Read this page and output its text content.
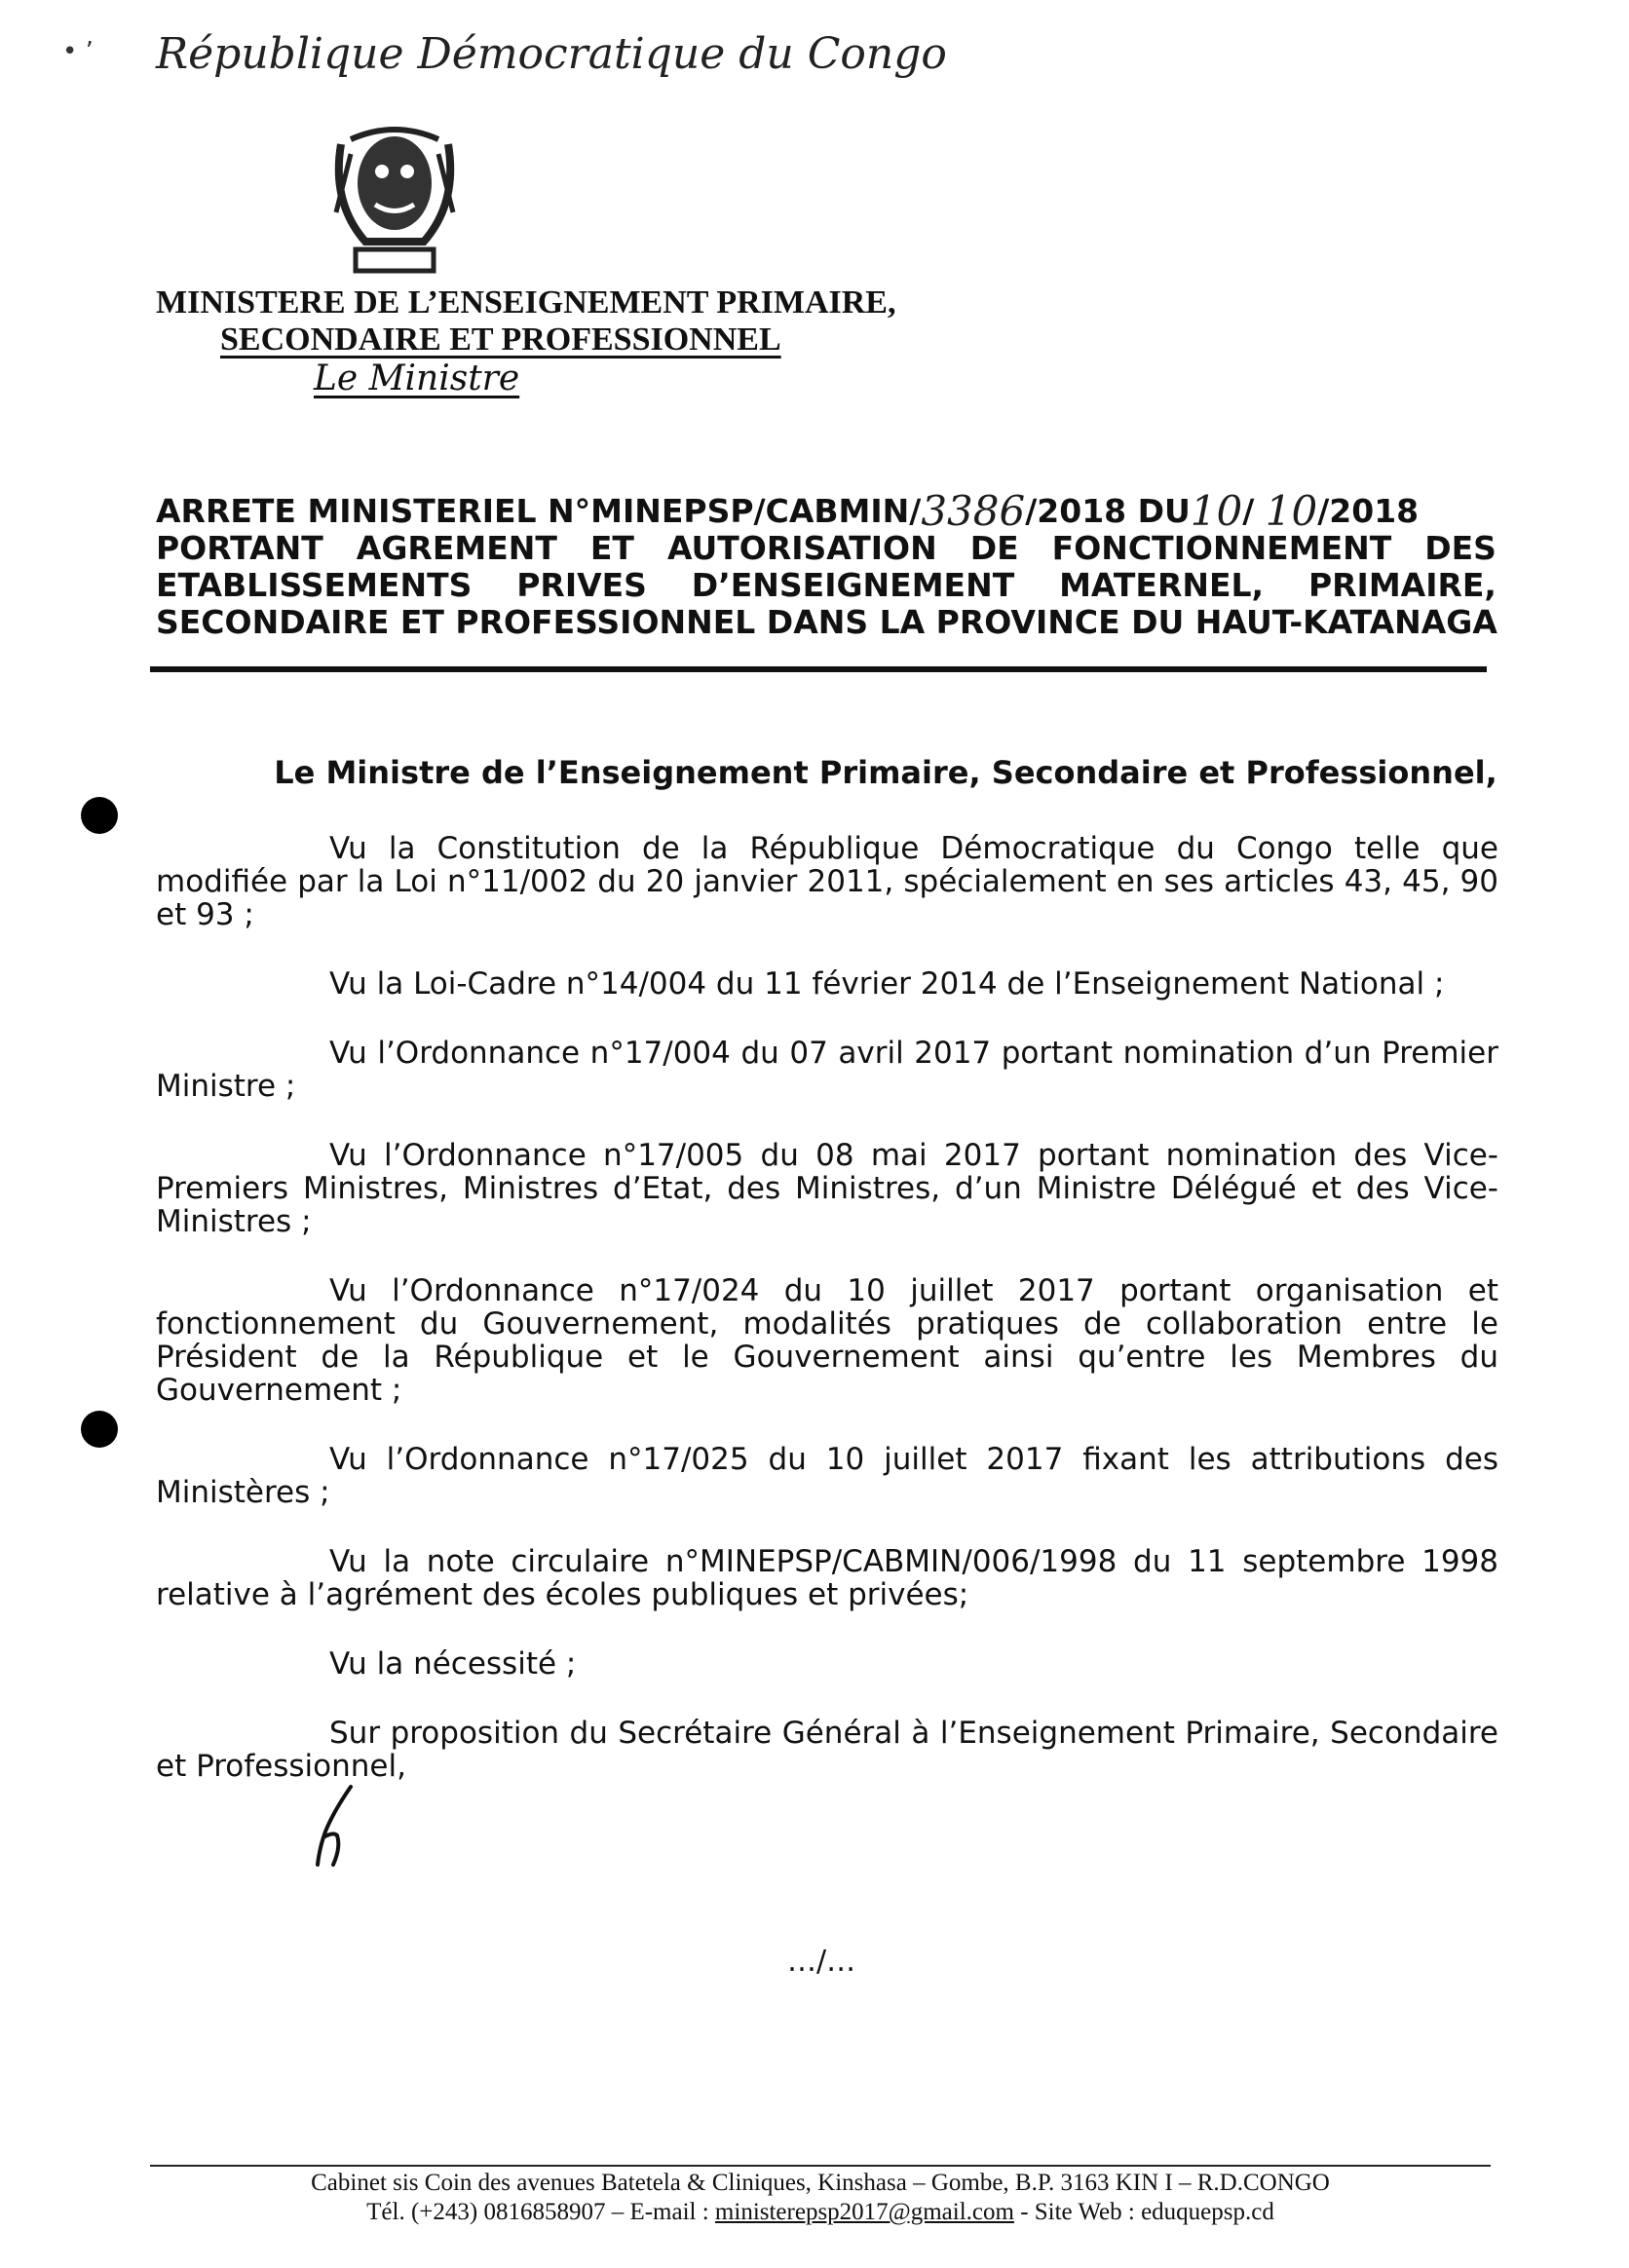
• ʼ République Démocratique du Congo
MINISTERE DE L’ENSEIGNEMENT PRIMAIRE,
SECONDAIRE ET PROFESSIONNEL
Le Ministre
ARRETE MINISTERIEL N°MINEPSP/CABMIN/ 3386 /2018 DU 10 / 10 /2018
PORTANT AGREMENT ET AUTORISATION DE FONCTIONNEMENT DES
ETABLISSEMENTS PRIVES D’ENSEIGNEMENT MATERNEL, PRIMAIRE,
SECONDAIRE ET PROFESSIONNEL DANS LA PROVINCE DU HAUT-KATANAGA
Le Ministre de l’Enseignement Primaire, Secondaire et Professionnel,

Vu la Constitution de la République Démocratique du Congo telle que modifiée par la Loi n°11/002 du 20 janvier 2011, spécialement en ses articles 43, 45, 90 et 93 ;

Vu la Loi-Cadre n°14/004 du 11 février 2014 de l’Enseignement National ;

Vu l’Ordonnance n°17/004 du 07 avril 2017 portant nomination d’un Premier Ministre ;

Vu l’Ordonnance n°17/005 du 08 mai 2017 portant nomination des Vice-Premiers Ministres, Ministres d’Etat, des Ministres, d’un Ministre Délégué et des Vice-Ministres ;

Vu l’Ordonnance n°17/024 du 10 juillet 2017 portant organisation et fonctionnement du Gouvernement, modalités pratiques de collaboration entre le Président de la République et le Gouvernement ainsi qu’entre les Membres du Gouvernement ;

Vu l’Ordonnance n°17/025 du 10 juillet 2017 fixant les attributions des Ministères ;

Vu la note circulaire n°MINEPSP/CABMIN/006/1998 du 11 septembre 1998 relative à l’agrément des écoles publiques et privées;

Vu la nécessité ;

Sur proposition du Secrétaire Général à l’Enseignement Primaire, Secondaire et Professionnel,

…/…
Cabinet sis Coin des avenues Batetela & Cliniques, Kinshasa – Gombe, B.P. 3163 KIN I – R.D.CONGO
Tél. (+243) 0816858907 – E-mail : ministerepsp2017@gmail.com - Site Web : eduquepsp.cd
